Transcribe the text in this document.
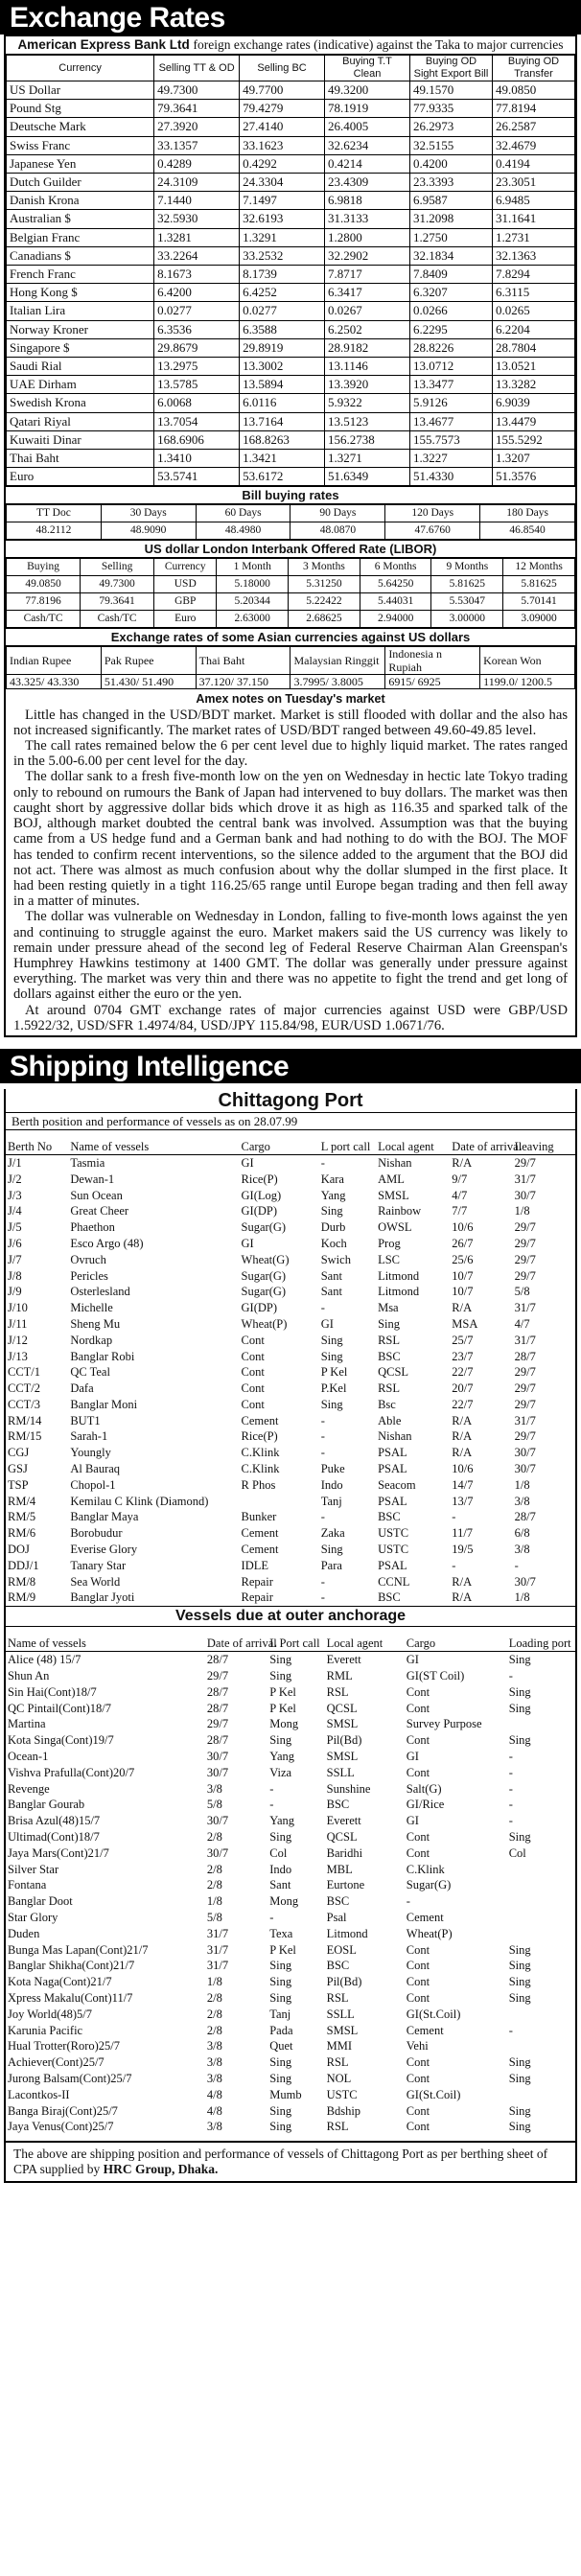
Exchange Rates
American Express Bank Ltd foreign exchange rates (indicative) against the Taka to major currencies
Currency	Selling TT & OD	Selling BC	Buying T.T Clean	Buying OD Sight Export Bill	Buying OD Transfer
US Dollar	49.7300	49.7700	49.3200	49.1570	49.0850
Pound Stg	79.3641	79.4279	78.1919	77.9335	77.8194
Deutsche Mark	27.3920	27.4140	26.4005	26.2973	26.2587
Swiss Franc	33.1357	33.1623	32.6234	32.5155	32.4679
Japanese Yen	0.4289	0.4292	0.4214	0.4200	0.4194
Dutch Guilder	24.3109	24.3304	23.4309	23.3393	23.3051
Danish Krona	7.1440	7.1497	6.9818	6.9587	6.9485
Australian $	32.5930	32.6193	31.3133	31.2098	31.1641
Belgian Franc	1.3281	1.3291	1.2800	1.2750	1.2731
Canadians $	33.2264	33.2532	32.2902	32.1834	32.1363
French Franc	8.1673	8.1739	7.8717	7.8409	7.8294
Hong Kong $	6.4200	6.4252	6.3417	6.3207	6.3115
Italian Lira	0.0277	0.0277	0.0267	0.0266	0.0265
Norway Kroner	6.3536	6.3588	6.2502	6.2295	6.2204
Singapore $	29.8679	29.8919	28.9182	28.8226	28.7804
Saudi Rial	13.2975	13.3002	13.1146	13.0712	13.0521
UAE Dirham	13.5785	13.5894	13.3920	13.3477	13.3282
Swedish Krona	6.0068	6.0116	5.9322	5.9126	6.9039
Qatari Riyal	13.7054	13.7164	13.5123	13.4677	13.4479
Kuwaiti Dinar	168.6906	168.8263	156.2738	155.7573	155.5292
Thai Baht	1.3410	1.3421	1.3271	1.3227	1.3207
Euro	53.5741	53.6172	51.6349	51.4330	51.3576
Bill buying rates
TT Doc	30 Days	60 Days	90 Days	120 Days	180 Days
48.2112	48.9090	48.4980	48.0870	47.6760	46.8540
US dollar London Interbank Offered Rate (LIBOR)
Buying	Selling	Currency	1 Month	3 Months	6 Months	9 Months	12 Months
49.0850	49.7300	USD	5.18000	5.31250	5.64250	5.81625	5.81625
77.8196	79.3641	GBP	5.20344	5.22422	5.44031	5.53047	5.70141
Cash/TC	Cash/TC	Euro	2.63000	2.68625	2.94000	3.00000	3.09000
Exchange rates of some Asian currencies against US dollars
Indian Rupee	Pak Rupee	Thai Baht	Malaysian Ringgit	Indonesia n Rupiah	Korean Won
43.325/ 43.330	51.430/ 51.490	37.120/ 37.150	3.7995/ 3.8005	6915/ 6925	1199.0/ 1200.5
Amex notes on Tuesday's market

Little has changed in the USD/BDT market. Market is still flooded with dollar and the also has not increased significantly. The market rates of USD/BDT ranged between 49.60-49.85 level.

The call rates remained below the 6 per cent level due to highly liquid market. The rates ranged in the 5.00-6.00 per cent level for the day.

The dollar sank to a fresh five-month low on the yen on Wednesday in hectic late Tokyo trading only to rebound on rumours the Bank of Japan had intervened to buy dollars. The market was then caught short by aggressive dollar bids which drove it as high as 116.35 and sparked talk of the BOJ, although market doubted the central bank was involved. Assumption was that the buying came from a US hedge fund and a German bank and had nothing to do with the BOJ. The MOF has tended to confirm recent interventions, so the silence added to the argument that the BOJ did not act. There was almost as much confusion about why the dollar slumped in the first place. It had been resting quietly in a tight 116.25/65 range until Europe began trading and then fell away in a matter of minutes.

The dollar was vulnerable on Wednesday in London, falling to five-month lows against the yen and continuing to struggle against the euro. Market makers said the US currency was likely to remain under pressure ahead of the second leg of Federal Reserve Chairman Alan Greenspan's Humphrey Hawkins testimony at 1400 GMT. The dollar was generally under pressure against everything. The market was very thin and there was no appetite to fight the trend and get long of dollars against either the euro or the yen.

At around 0704 GMT exchange rates of major currencies against USD were GBP/USD 1.5922/32, USD/SFR 1.4974/84, USD/JPY 115.84/98, EUR/USD 1.0671/76.

Shipping Intelligence
Chittagong Port
Berth position and performance of vessels as on 28.07.99
Berth No	Name of vessels	Cargo	L port call	Local agent	Date of arrival	Leaving
J/1	Tasmia	GI	-	Nishan	R/A	29/7
J/2	Dewan-1	Rice(P)	Kara	AML	9/7	31/7
J/3	Sun Ocean	GI(Log)	Yang	SMSL	4/7	30/7
J/4	Great Cheer	GI(DP)	Sing	Rainbow	7/7	1/8
J/5	Phaethon	Sugar(G)	Durb	OWSL	10/6	29/7
J/6	Esco Argo (48)	GI	Koch	Prog	26/7	29/7
J/7	Ovruch	Wheat(G)	Swich	LSC	25/6	29/7
J/8	Pericles	Sugar(G)	Sant	Litmond	10/7	29/7
J/9	Osterlesland	Sugar(G)	Sant	Litmond	10/7	5/8
J/10	Michelle	GI(DP)	-	Msa	R/A	31/7
J/11	Sheng Mu	Wheat(P)	GI	Sing	MSA	4/7
J/12	Nordkap	Cont	Sing	RSL	25/7	31/7
J/13	Banglar Robi	Cont	Sing	BSC	23/7	28/7
CCT/1	QC Teal	Cont	P Kel	QCSL	22/7	29/7
CCT/2	Dafa	Cont	P.Kel	RSL	20/7	29/7
CCT/3	Banglar Moni	Cont	Sing	Bsc	22/7	29/7
RM/14	BUT1	Cement	-	Able	R/A	31/7
RM/15	Sarah-1	Rice(P)	-	Nishan	R/A	29/7
CGJ	Youngly	C.Klink	-	PSAL	R/A	30/7
GSJ	Al Bauraq	C.Klink	Puke	PSAL	10/6	30/7
TSP	Chopol-1	R Phos	Indo	Seacom	14/7	1/8
RM/4	Kemilau C Klink (Diamond)		Tanj	PSAL	13/7	3/8
RM/5	Banglar Maya	Bunker	-	BSC	-	28/7
RM/6	Borobudur	Cement	Zaka	USTC	11/7	6/8
DOJ	Everise Glory	Cement	Sing	USTC	19/5	3/8
DDJ/1	Tanary Star	IDLE	Para	PSAL	-	-
RM/8	Sea World	Repair	-	CCNL	R/A	30/7
RM/9	Banglar Jyoti	Repair	-	BSC	R/A	1/8
Vessels due at outer anchorage
Name of vessels	Date of arrival	L Port call	Local agent	Cargo	Loading port
Alice (48) 15/7	28/7	Sing	Everett	GI	Sing
Shun An	29/7	Sing	RML	GI(ST Coil)	-
Sin Hai(Cont)18/7	28/7	P Kel	RSL	Cont	Sing
QC Pintail(Cont)18/7	28/7	P Kel	QCSL	Cont	Sing
Martina	29/7	Mong	SMSL	Survey Purpose	
Kota Singa(Cont)19/7	28/7	Sing	Pil(Bd)	Cont	Sing
Ocean-1	30/7	Yang	SMSL	GI	-
Vishva Prafulla(Cont)20/7	30/7	Viza	SSLL	Cont	-
Revenge	3/8	-	Sunshine	Salt(G)	-
Banglar Gourab	5/8	-	BSC	GI/Rice	-
Brisa Azul(48)15/7	30/7	Yang	Everett	GI	-
Ultimad(Cont)18/7	2/8	Sing	QCSL	Cont	Sing
Jaya Mars(Cont)21/7	30/7	Col	Baridhi	Cont	Col
Silver Star	2/8	Indo	MBL	C.Klink	
Fontana	2/8	Sant	Eurtone	Sugar(G)	
Banglar Doot	1/8	Mong	BSC	-	
Star Glory	5/8	-	Psal	Cement	
Duden	31/7	Texa	Litmond	Wheat(P)	
Bunga Mas Lapan(Cont)21/7	31/7	P Kel	EOSL	Cont	Sing
Banglar Shikha(Cont)21/7	31/7	Sing	BSC	Cont	Sing
Kota Naga(Cont)21/7	1/8	Sing	Pil(Bd)	Cont	Sing
Xpress Makalu(Cont)11/7	2/8	Sing	RSL	Cont	Sing
Joy World(48)5/7	2/8	Tanj	SSLL	GI(St.Coil)	
Karunia Pacific	2/8	Pada	SMSL	Cement	-
Hual Trotter(Roro)25/7	3/8	Quet	MMI	Vehi	
Achiever(Cont)25/7	3/8	Sing	RSL	Cont	Sing
Jurong Balsam(Cont)25/7	3/8	Sing	NOL	Cont	Sing
Lacontkos-II	4/8	Mumb	USTC	GI(St.Coil)	
Banga Biraj(Cont)25/7	4/8	Sing	Bdship	Cont	Sing
Jaya Venus(Cont)25/7	3/8	Sing	RSL	Cont	Sing
The above are shipping position and performance of vessels of Chittagong Port as per berthing sheet of CPA supplied by HRC Group, Dhaka.
